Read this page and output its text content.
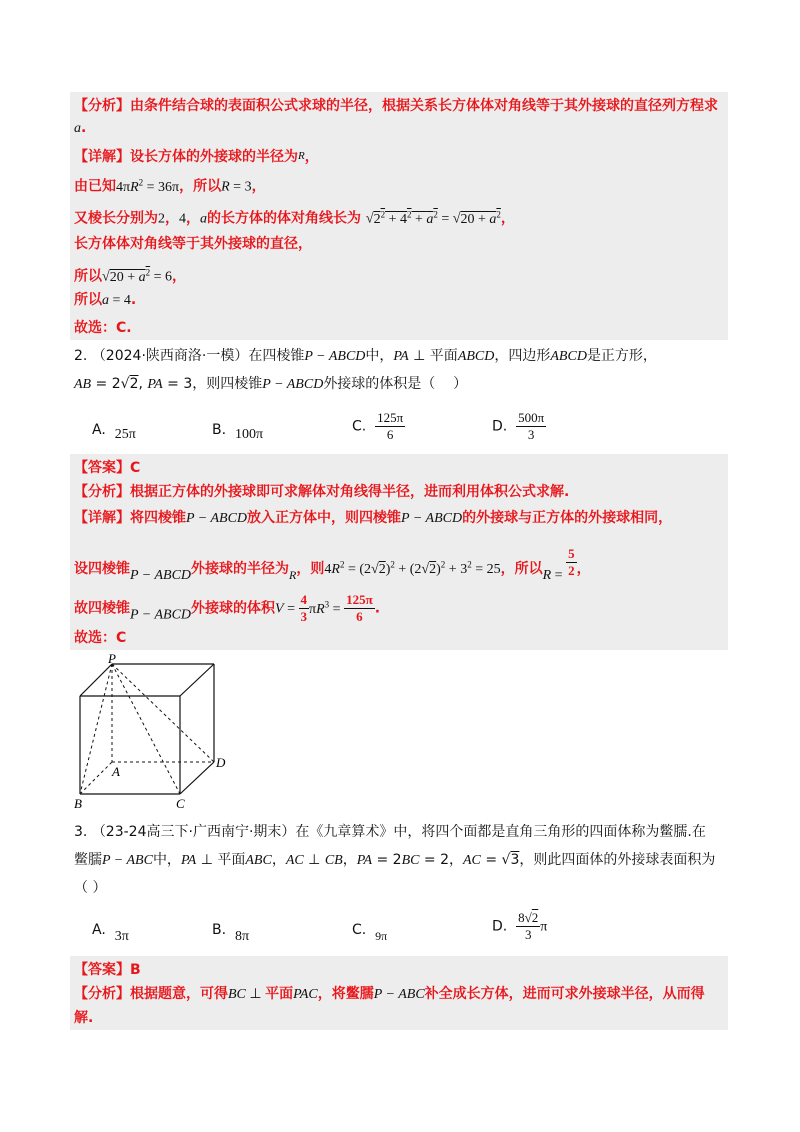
【分析】由条件结合球的表面积公式求球的半径，根据关系长方体体对角线等于其外接球的直径列方程求
a.
【详解】设长方体的外接球的半径为R，
由已知$4\pi R^2 = 36\pi$，所以R = 3，
又棱长分别为2，4，a的长方体的体对角线长为 $√2^2 + 4^2 + a^2 = √20 + a^2$，
长方体体对角线等于其外接球的直径，
所以$√20 + a^2 = 6$，
所以a = 4.
故选：C.
2. （2024·陕西商洛·一模）在四棱锥P − ABCD中，PA ⊥ 平面ABCD，四边形ABCD是正方形，
AB = 2√2, PA = 3，则四棱锥P − ABCD外接球的体积是（    ）
A.  25π	B.  100π	C. $\frac{125\pi}{6}$	D. $\frac{500\pi}{3}$
【答案】C
【分析】根据正方体的外接球即可求解体对角线得半径，进而利用体积公式求解.
【详解】将四棱锥P − ABCD放入正方体中，则四棱锥P − ABCD的外接球与正方体的外接球相同，
设四棱锥P − ABCD外接球的半径为R，则$4R^2 = (2√2)^2 + (2√2)^2 + 3^2 = 25$，所以$R = \frac{5}{2}$ ，
故四棱锥P − ABCD外接球的体积$V = \frac{4}{3} \pi R^3 = \frac{125\pi}{6}$ .
故选：C
P
A
D
B	C
3. （23-24高三下·广西南宁·期末）在《九章算术》中，将四个面都是直角三角形的四面体称为鳖臑.在
鳖臑P − ABC中，PA ⊥ 平面ABC，AC ⊥ CB，PA = 2BC = 2，AC = √3，则此四面体的外接球表面积为
（ ）
A.  3π	B.  8π	C.  9π
D. $\frac{8√2}{3}$ π
【答案】B
【分析】根据题意，可得BC ⊥ 平面PAC，将鳖臑P − ABC补全成长方体，进而可求外接球半径，从而得
解.
